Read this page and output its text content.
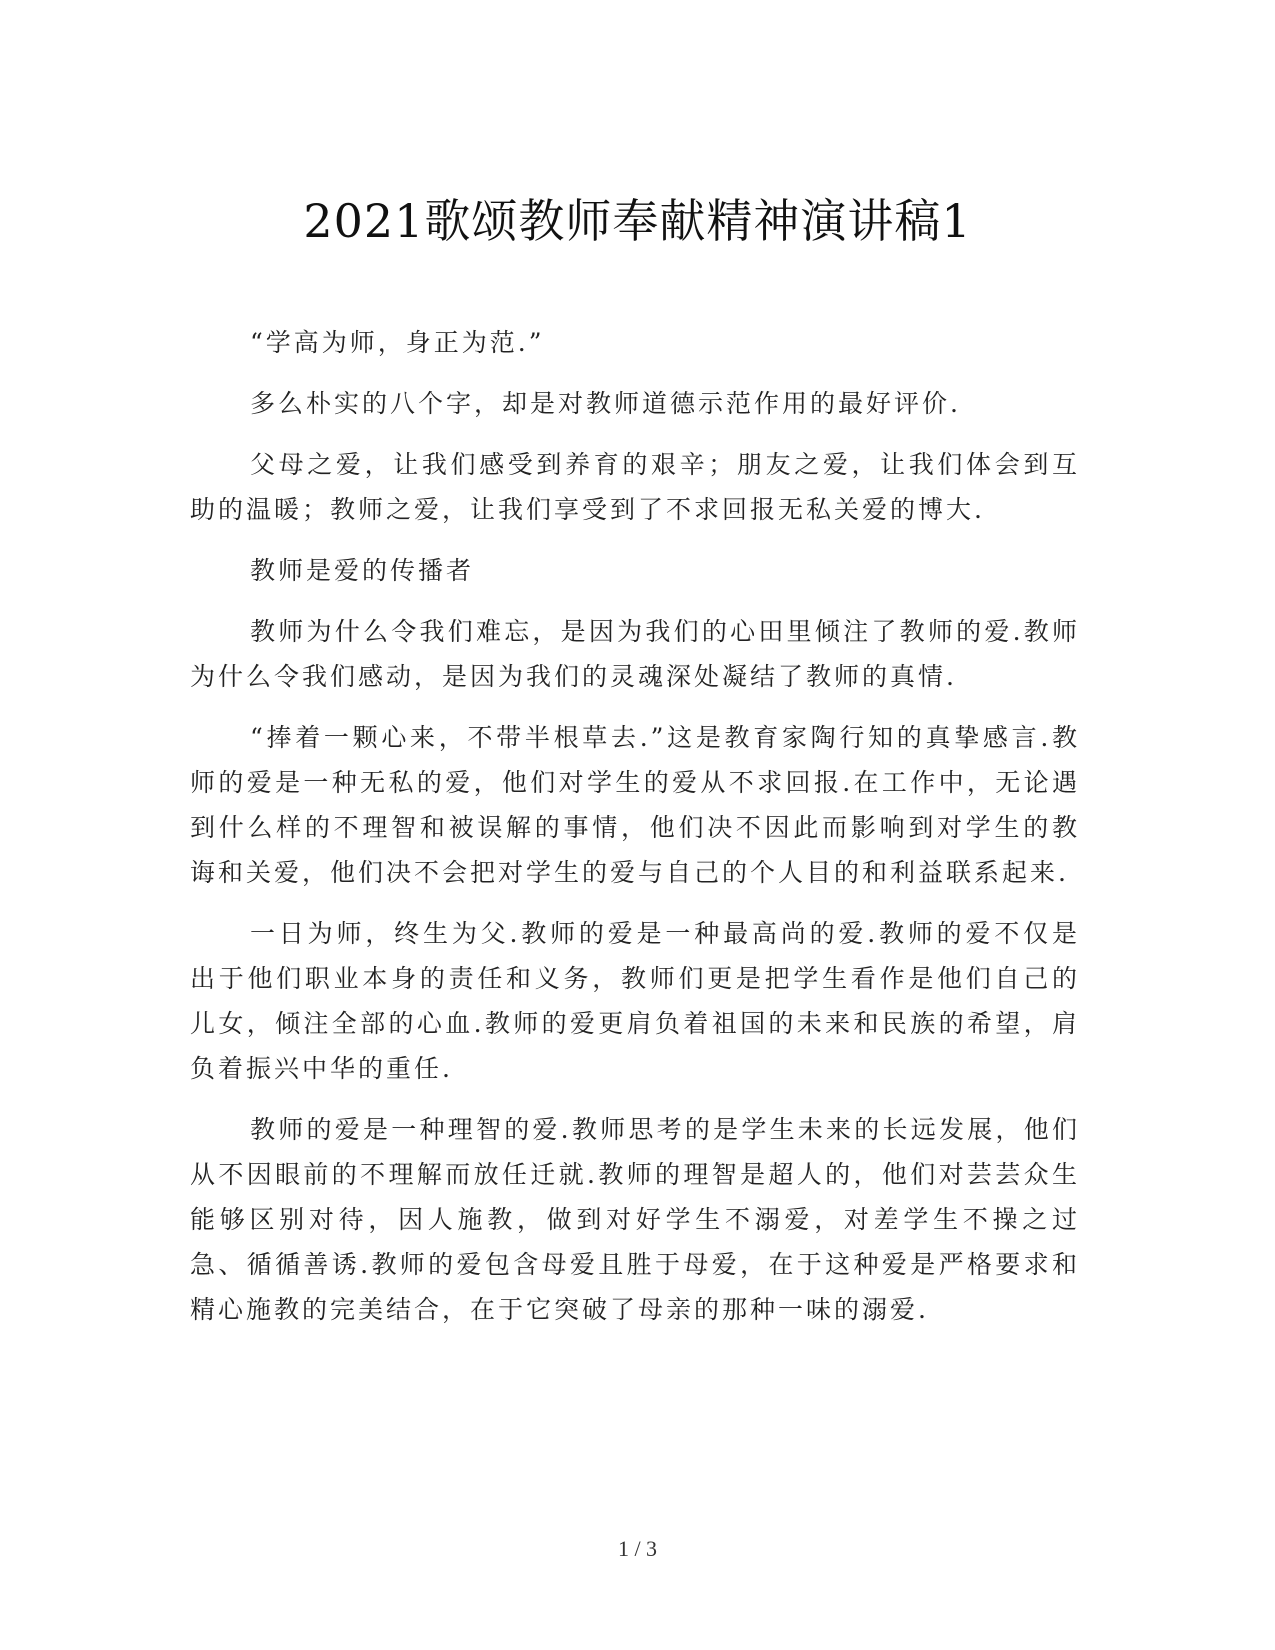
2021歌颂教师奉献精神演讲稿1

“学高为师，身正为范.”

多么朴实的八个字，却是对教师道德示范作用的最好评价.

父母之爱，让我们感受到养育的艰辛；朋友之爱，让我们体会到互助的温暖；教师之爱，让我们享受到了不求回报无私关爱的博大.

教师是爱的传播者

教师为什么令我们难忘，是因为我们的心田里倾注了教师的爱.教师为什么令我们感动，是因为我们的灵魂深处凝结了教师的真情.

“捧着一颗心来，不带半根草去.”这是教育家陶行知的真挚感言.教师的爱是一种无私的爱，他们对学生的爱从不求回报.在工作中，无论遇到什么样的不理智和被误解的事情，他们决不因此而影响到对学生的教诲和关爱，他们决不会把对学生的爱与自己的个人目的和利益联系起来.

一日为师，终生为父.教师的爱是一种最高尚的爱.教师的爱不仅是出于他们职业本身的责任和义务，教师们更是把学生看作是他们自己的儿女，倾注全部的心血.教师的爱更肩负着祖国的未来和民族的希望，肩负着振兴中华的重任.

教师的爱是一种理智的爱.教师思考的是学生未来的长远发展，他们从不因眼前的不理解而放任迁就.教师的理智是超人的，他们对芸芸众生能够区别对待，因人施教，做到对好学生不溺爱，对差学生不操之过急、循循善诱.教师的爱包含母爱且胜于母爱，在于这种爱是严格要求和精心施教的完美结合，在于它突破了母亲的那种一味的溺爱.

1 / 3
